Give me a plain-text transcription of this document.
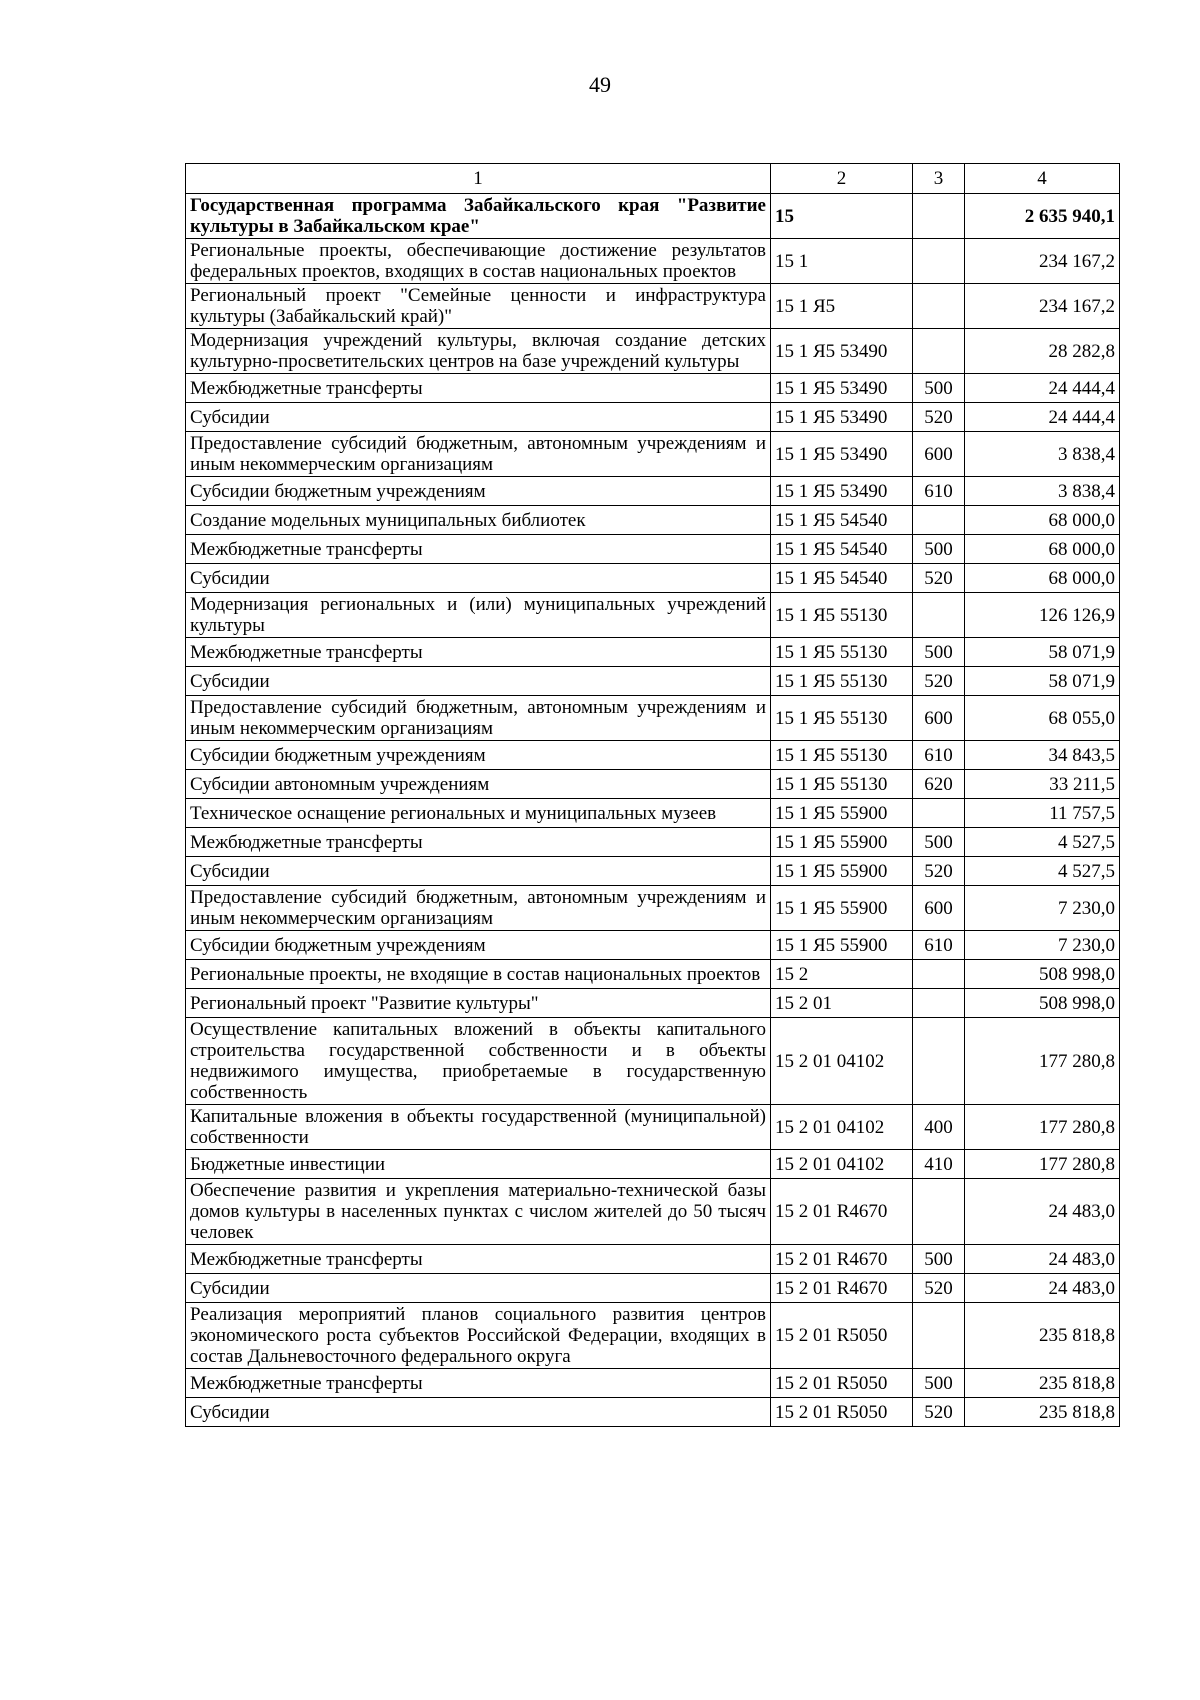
49
1	2	3	4
Государственная программа Забайкальского края "Развитие культуры в Забайкальском крае"	15		2 635 940,1
Региональные проекты, обеспечивающие достижение результатов федеральных проектов, входящих в состав национальных проектов	15 1		234 167,2
Региональный проект "Семейные ценности и инфраструктура культуры (Забайкальский край)"	15 1 Я5		234 167,2
Модернизация учреждений культуры, включая создание детских культурно-просветительских центров на базе учреждений культуры	15 1 Я5 53490		28 282,8
Межбюджетные трансферты	15 1 Я5 53490	500	24 444,4
Субсидии	15 1 Я5 53490	520	24 444,4
Предоставление субсидий бюджетным, автономным учреждениям и иным некоммерческим организациям	15 1 Я5 53490	600	3 838,4
Субсидии бюджетным учреждениям	15 1 Я5 53490	610	3 838,4
Создание модельных муниципальных библиотек	15 1 Я5 54540		68 000,0
Межбюджетные трансферты	15 1 Я5 54540	500	68 000,0
Субсидии	15 1 Я5 54540	520	68 000,0
Модернизация региональных и (или) муниципальных учреждений культуры	15 1 Я5 55130		126 126,9
Межбюджетные трансферты	15 1 Я5 55130	500	58 071,9
Субсидии	15 1 Я5 55130	520	58 071,9
Предоставление субсидий бюджетным, автономным учреждениям и иным некоммерческим организациям	15 1 Я5 55130	600	68 055,0
Субсидии бюджетным учреждениям	15 1 Я5 55130	610	34 843,5
Субсидии автономным учреждениям	15 1 Я5 55130	620	33 211,5
Техническое оснащение региональных и муниципальных музеев	15 1 Я5 55900		11 757,5
Межбюджетные трансферты	15 1 Я5 55900	500	4 527,5
Субсидии	15 1 Я5 55900	520	4 527,5
Предоставление субсидий бюджетным, автономным учреждениям и иным некоммерческим организациям	15 1 Я5 55900	600	7 230,0
Субсидии бюджетным учреждениям	15 1 Я5 55900	610	7 230,0
Региональные проекты, не входящие в состав национальных проектов	15 2		508 998,0
Региональный проект "Развитие культуры"	15 2 01		508 998,0
Осуществление капитальных вложений в объекты капитального строительства государственной собственности и в объекты недвижимого имущества, приобретаемые в государственную собственность	15 2 01 04102		177 280,8
Капитальные вложения в объекты государственной (муниципальной) собственности	15 2 01 04102	400	177 280,8
Бюджетные инвестиции	15 2 01 04102	410	177 280,8
Обеспечение развития и укрепления материально-технической базы домов культуры в населенных пунктах с числом жителей до 50 тысяч человек	15 2 01 R4670		24 483,0
Межбюджетные трансферты	15 2 01 R4670	500	24 483,0
Субсидии	15 2 01 R4670	520	24 483,0
Реализация мероприятий планов социального развития центров экономического роста субъектов Российской Федерации, входящих в состав Дальневосточного федерального округа	15 2 01 R5050		235 818,8
Межбюджетные трансферты	15 2 01 R5050	500	235 818,8
Субсидии	15 2 01 R5050	520	235 818,8
